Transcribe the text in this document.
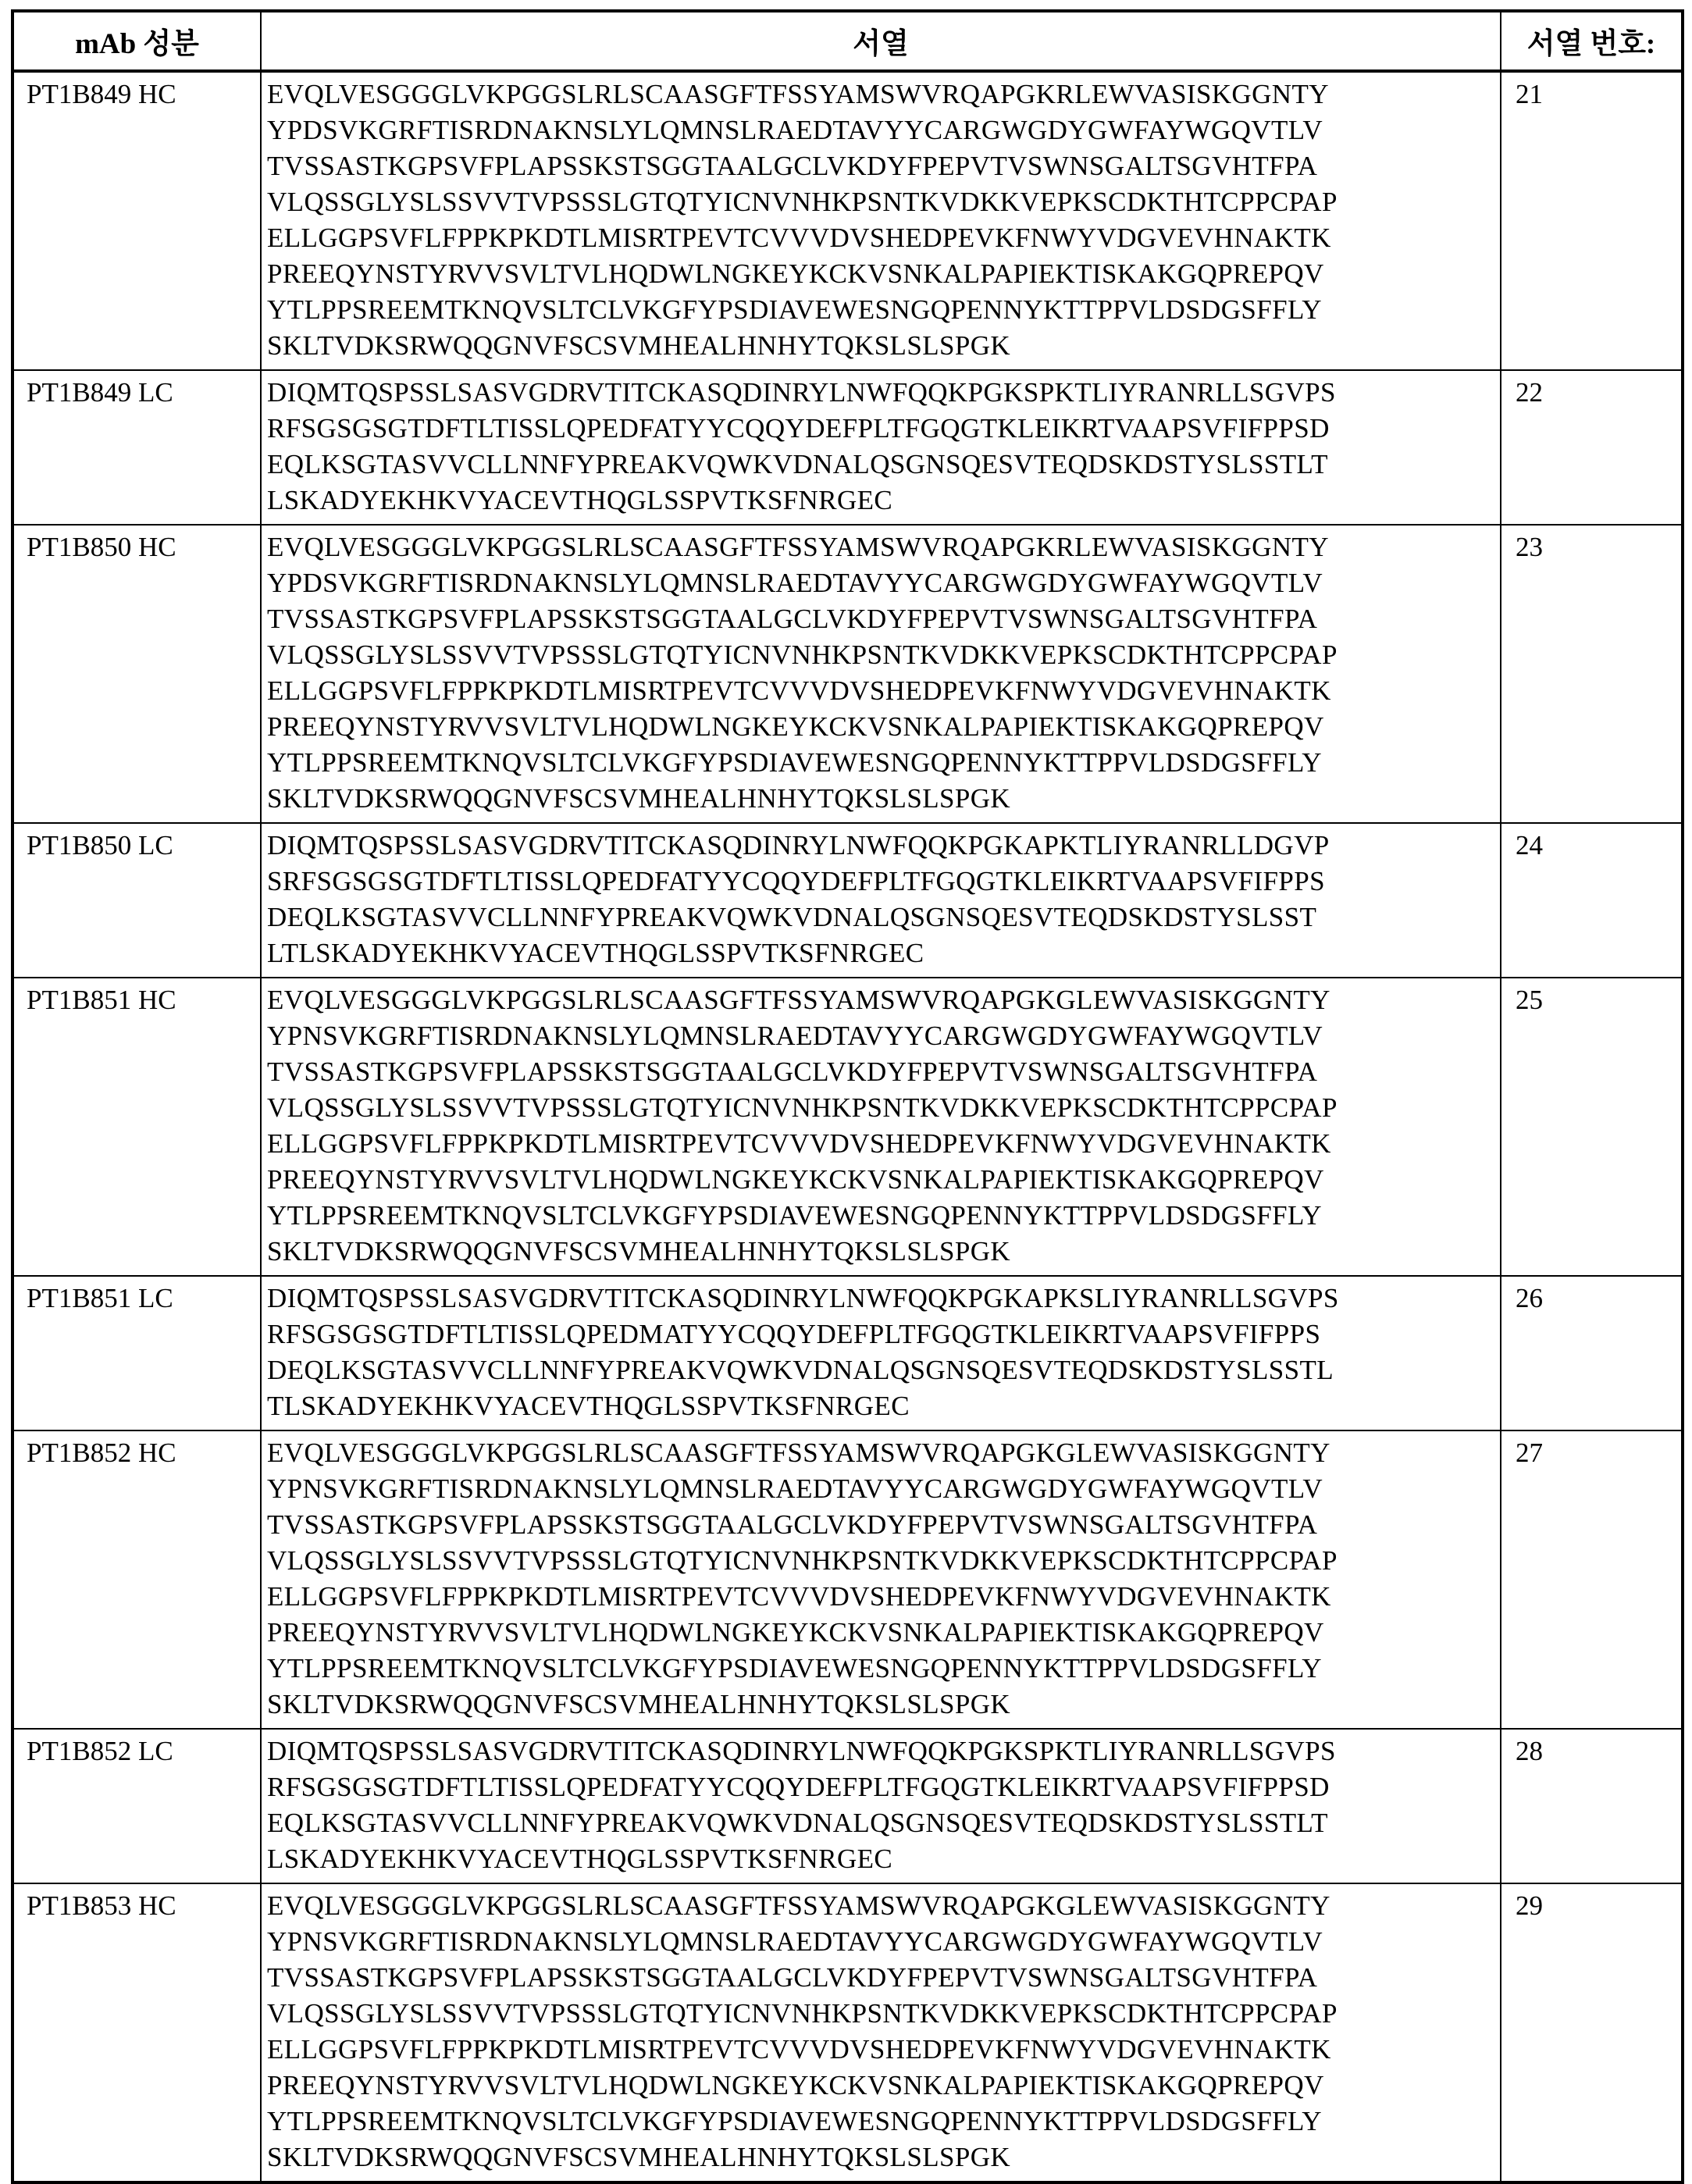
mAb 성분	서열	서열 번호:
PT1B849 HC	EVQLVESGGGLVKPGGSLRLSCAASGFTFSSYAMSWVRQAPGKRLEWVASISKGGNTY
YPDSVKGRFTISRDNAKNSLYLQMNSLRAEDTAVYYCARGWGDYGWFAYWGQVTLV
TVSSASTKGPSVFPLAPSSKSTSGGTAALGCLVKDYFPEPVTVSWNSGALTSGVHTFPA
VLQSSGLYSLSSVVTVPSSSLGTQTYICNVNHKPSNTKVDKKVEPKSCDKTHTCPPCPAP
ELLGGPSVFLFPPKPKDTLMISRTPEVTCVVVDVSHEDPEVKFNWYVDGVEVHNAKTK
PREEQYNSTYRVVSVLTVLHQDWLNGKEYKCKVSNKALPAPIEKTISKAKGQPREPQV
YTLPPSREEMTKNQVSLTCLVKGFYPSDIAVEWESNGQPENNYKTTPPVLDSDGSFFLY
SKLTVDKSRWQQGNVFSCSVMHEALHNHYTQKSLSLSPGK
	21
PT1B849 LC	DIQMTQSPSSLSASVGDRVTITCKASQDINRYLNWFQQKPGKSPKTLIYRANRLLSGVPS
RFSGSGSGTDFTLTISSLQPEDFATYYCQQYDEFPLTFGQGTKLEIKRTVAAPSVFIFPPSD
EQLKSGTASVVCLLNNFYPREAKVQWKVDNALQSGNSQESVTEQDSKDSTYSLSSTLT
LSKADYEKHKVYACEVTHQGLSSPVTKSFNRGEC	22
PT1B850 HC	EVQLVESGGGLVKPGGSLRLSCAASGFTFSSYAMSWVRQAPGKRLEWVASISKGGNTY
YPDSVKGRFTISRDNAKNSLYLQMNSLRAEDTAVYYCARGWGDYGWFAYWGQVTLV
TVSSASTKGPSVFPLAPSSKSTSGGTAALGCLVKDYFPEPVTVSWNSGALTSGVHTFPA
VLQSSGLYSLSSVVTVPSSSLGTQTYICNVNHKPSNTKVDKKVEPKSCDKTHTCPPCPAP
ELLGGPSVFLFPPKPKDTLMISRTPEVTCVVVDVSHEDPEVKFNWYVDGVEVHNAKTK
PREEQYNSTYRVVSVLTVLHQDWLNGKEYKCKVSNKALPAPIEKTISKAKGQPREPQV
YTLPPSREEMTKNQVSLTCLVKGFYPSDIAVEWESNGQPENNYKTTPPVLDSDGSFFLY
SKLTVDKSRWQQGNVFSCSVMHEALHNHYTQKSLSLSPGK
	23
PT1B850 LC	DIQMTQSPSSLSASVGDRVTITCKASQDINRYLNWFQQKPGKAPKTLIYRANRLLDGVP
SRFSGSGSGTDFTLTISSLQPEDFATYYCQQYDEFPLTFGQGTKLEIKRTVAAPSVFIFPPS
DEQLKSGTASVVCLLNNFYPREAKVQWKVDNALQSGNSQESVTEQDSKDSTYSLSST
LTLSKADYEKHKVYACEVTHQGLSSPVTKSFNRGEC	24
PT1B851 HC	EVQLVESGGGLVKPGGSLRLSCAASGFTFSSYAMSWVRQAPGKGLEWVASISKGGNTY
YPNSVKGRFTISRDNAKNSLYLQMNSLRAEDTAVYYCARGWGDYGWFAYWGQVTLV
TVSSASTKGPSVFPLAPSSKSTSGGTAALGCLVKDYFPEPVTVSWNSGALTSGVHTFPA
VLQSSGLYSLSSVVTVPSSSLGTQTYICNVNHKPSNTKVDKKVEPKSCDKTHTCPPCPAP
ELLGGPSVFLFPPKPKDTLMISRTPEVTCVVVDVSHEDPEVKFNWYVDGVEVHNAKTK
PREEQYNSTYRVVSVLTVLHQDWLNGKEYKCKVSNKALPAPIEKTISKAKGQPREPQV
YTLPPSREEMTKNQVSLTCLVKGFYPSDIAVEWESNGQPENNYKTTPPVLDSDGSFFLY
SKLTVDKSRWQQGNVFSCSVMHEALHNHYTQKSLSLSPGK
	25
PT1B851 LC	DIQMTQSPSSLSASVGDRVTITCKASQDINRYLNWFQQKPGKAPKSLIYRANRLLSGVPS
RFSGSGSGTDFTLTISSLQPEDMATYYCQQYDEFPLTFGQGTKLEIKRTVAAPSVFIFPPS
DEQLKSGTASVVCLLNNFYPREAKVQWKVDNALQSGNSQESVTEQDSKDSTYSLSSTL
TLSKADYEKHKVYACEVTHQGLSSPVTKSFNRGEC	26
PT1B852 HC	EVQLVESGGGLVKPGGSLRLSCAASGFTFSSYAMSWVRQAPGKGLEWVASISKGGNTY
YPNSVKGRFTISRDNAKNSLYLQMNSLRAEDTAVYYCARGWGDYGWFAYWGQVTLV
TVSSASTKGPSVFPLAPSSKSTSGGTAALGCLVKDYFPEPVTVSWNSGALTSGVHTFPA
VLQSSGLYSLSSVVTVPSSSLGTQTYICNVNHKPSNTKVDKKVEPKSCDKTHTCPPCPAP
ELLGGPSVFLFPPKPKDTLMISRTPEVTCVVVDVSHEDPEVKFNWYVDGVEVHNAKTK
PREEQYNSTYRVVSVLTVLHQDWLNGKEYKCKVSNKALPAPIEKTISKAKGQPREPQV
YTLPPSREEMTKNQVSLTCLVKGFYPSDIAVEWESNGQPENNYKTTPPVLDSDGSFFLY
SKLTVDKSRWQQGNVFSCSVMHEALHNHYTQKSLSLSPGK
	27
PT1B852 LC	DIQMTQSPSSLSASVGDRVTITCKASQDINRYLNWFQQKPGKSPKTLIYRANRLLSGVPS
RFSGSGSGTDFTLTISSLQPEDFATYYCQQYDEFPLTFGQGTKLEIKRTVAAPSVFIFPPSD
EQLKSGTASVVCLLNNFYPREAKVQWKVDNALQSGNSQESVTEQDSKDSTYSLSSTLT
LSKADYEKHKVYACEVTHQGLSSPVTKSFNRGEC	28
PT1B853 HC	EVQLVESGGGLVKPGGSLRLSCAASGFTFSSYAMSWVRQAPGKGLEWVASISKGGNTY
YPNSVKGRFTISRDNAKNSLYLQMNSLRAEDTAVYYCARGWGDYGWFAYWGQVTLV
TVSSASTKGPSVFPLAPSSKSTSGGTAALGCLVKDYFPEPVTVSWNSGALTSGVHTFPA
VLQSSGLYSLSSVVTVPSSSLGTQTYICNVNHKPSNTKVDKKVEPKSCDKTHTCPPCPAP
ELLGGPSVFLFPPKPKDTLMISRTPEVTCVVVDVSHEDPEVKFNWYVDGVEVHNAKTK
PREEQYNSTYRVVSVLTVLHQDWLNGKEYKCKVSNKALPAPIEKTISKAKGQPREPQV
YTLPPSREEMTKNQVSLTCLVKGFYPSDIAVEWESNGQPENNYKTTPPVLDSDGSFFLY
SKLTVDKSRWQQGNVFSCSVMHEALHNHYTQKSLSLSPGK
	29
